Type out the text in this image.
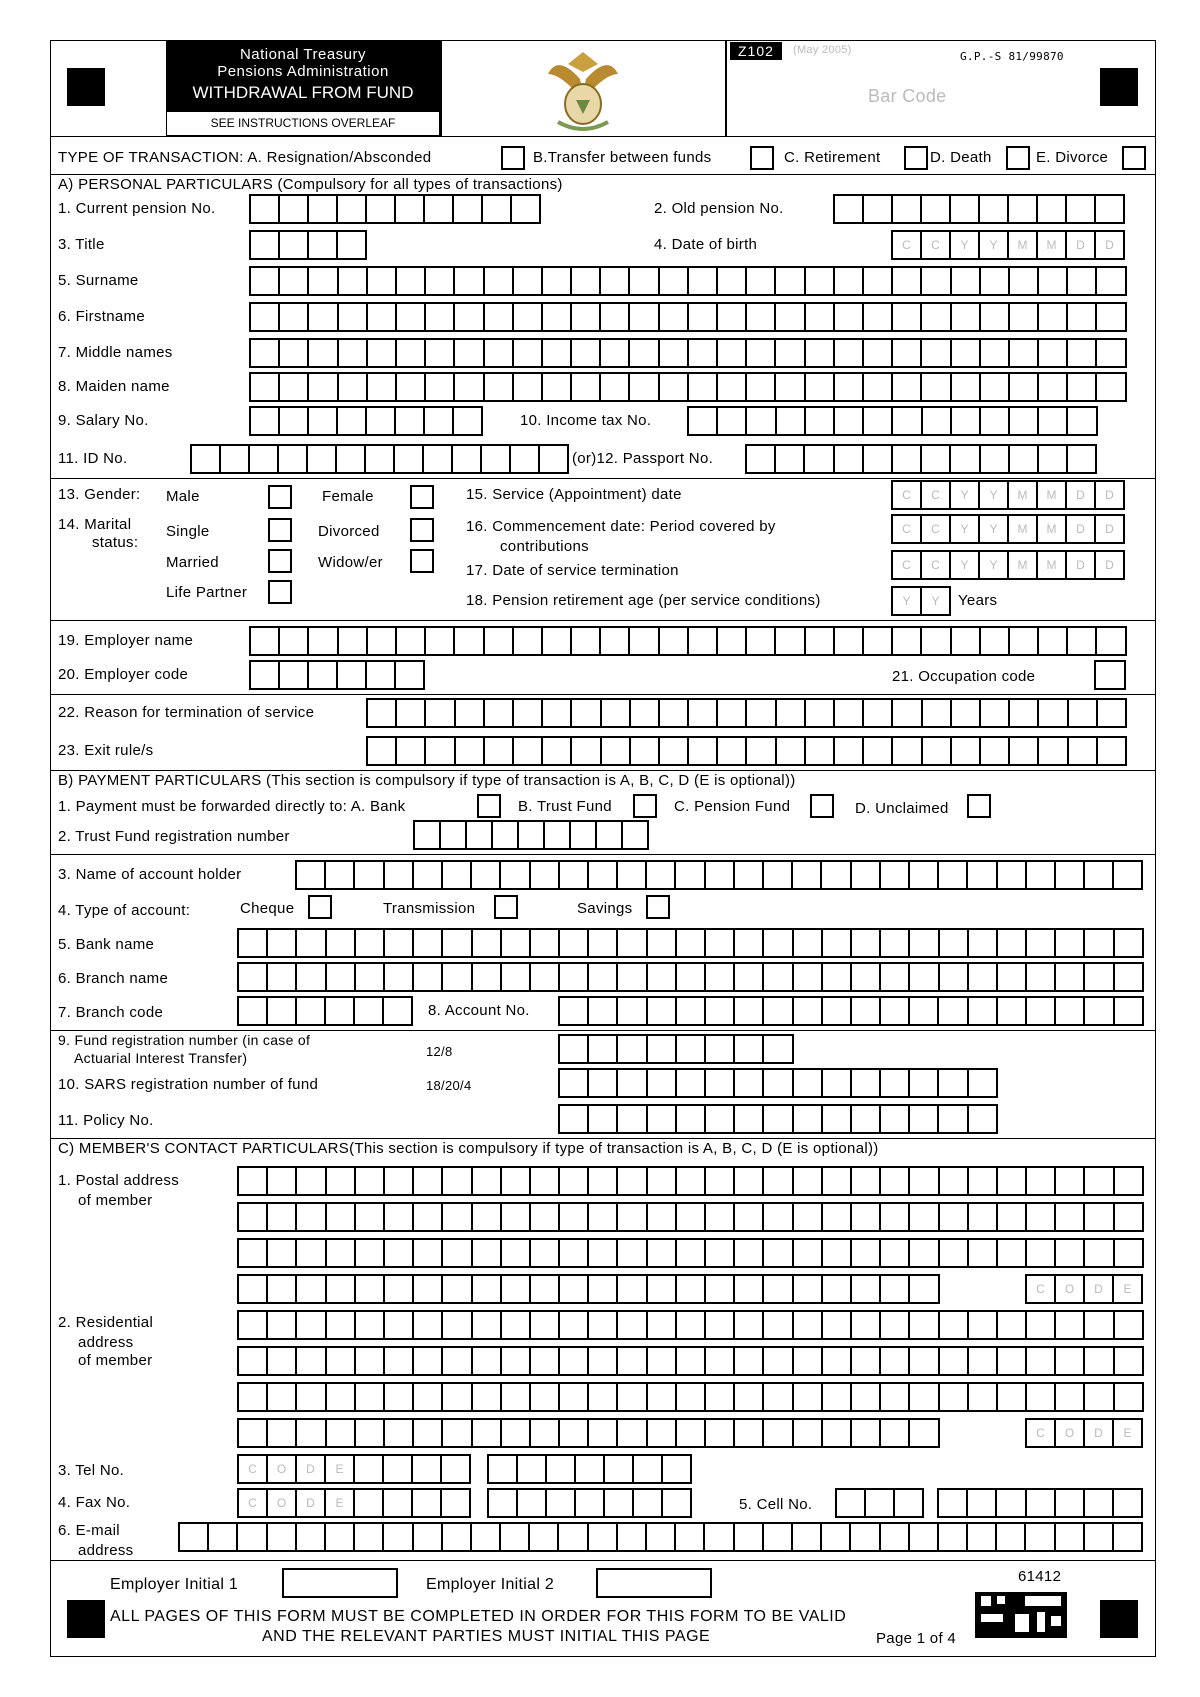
National Treasury
Pensions Administration
WITHDRAWAL FROM FUND
SEE INSTRUCTIONS OVERLEAF
Z102	(May 2005)	G.P.-S 81/99870
Bar Code
TYPE OF TRANSACTION: A. Resignation/Absconded	B.Transfer between funds	C. Retirement	D. Death	E. Divorce
A) PERSONAL PARTICULARS (Compulsory for all types of transactions)
1. Current pension No.	2. Old pension No.
3. Title	4. Date of birth	C	C	Y	Y	M	M	D	D
5. Surname
6. Firstname
7. Middle names
8. Maiden name
9. Salary No.	10. Income tax No.
11. ID No.	(or)12. Passport No.
13. Gender: Male	Female
14. Marital
status:
Single	Divorced
Married	Widow/er
Life Partner
15. Service (Appointment) date	C	C	Y	Y	M	M	D	D
16. Commencement date: Period covered by
contributions
C	C	Y	Y	M	M	D	D
17. Date of service termination	C	C	Y	Y	M	M	D	D
18. Pension retirement age (per service conditions)	Y	Y	Years
19. Employer name
20. Employer code	21. Occupation code
22. Reason for termination of service
23. Exit rule/s
B) PAYMENT PARTICULARS (This section is compulsory if type of transaction is A, B, C, D (E is optional))
1. Payment must be forwarded directly to: A. Bank	B. Trust Fund	C. Pension Fund	D. Unclaimed
2. Trust Fund registration number
3. Name of account holder
4. Type of account:	Cheque	Transmission	Savings
5. Bank name
6. Branch name
7. Branch code	8. Account No.
9. Fund registration number (in case of
Actuarial Interest Transfer)	12/8
10. SARS registration number of fund	18/20/4
11. Policy No.
C) MEMBER'S CONTACT PARTICULARS(This section is compulsory if type of transaction is A, B, C, D (E is optional))
1. Postal address
of member
C	O	D	E
2. Residential
address
of member
C	O	D	E
3. Tel No.	C	O	D	E
4. Fax No.	C	O	D	E	5. Cell No.
6. E-mail
address
Employer Initial 1	Employer Initial 2	61412
ALL PAGES OF THIS FORM MUST BE COMPLETED IN ORDER FOR THIS FORM TO BE VALID
AND THE RELEVANT PARTIES MUST INITIAL THIS PAGE	Page 1 of 4
